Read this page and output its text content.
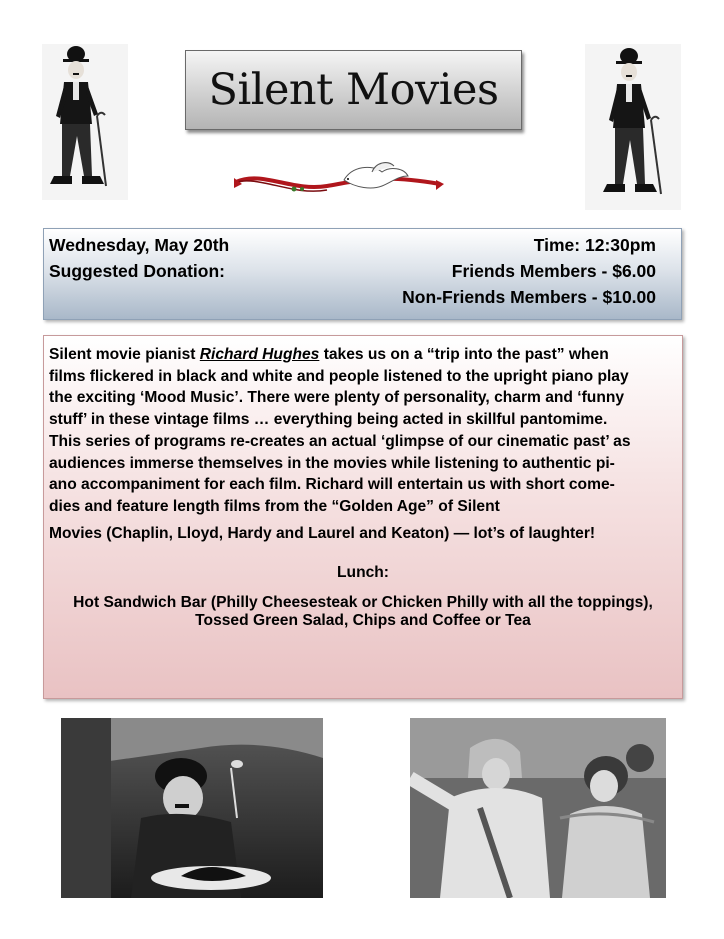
Silent Movies
Wednesday, May 20th	Time: 12:30pm
Suggested Donation:	Friends Members - $6.00
Non-Friends Members - $10.00
Silent movie pianist Richard Hughes takes us on a “trip into the past” when
films flickered in black and white and people listened to the upright piano play
the exciting ‘Mood Music’. There were plenty of personality, charm and ‘funny
stuff’ in these vintage films … everything being acted in skillful pantomime.
This series of programs re-creates an actual ‘glimpse of our cinematic past’ as
audiences immerse themselves in the movies while listening to authentic pi-
ano accompaniment for each film. Richard will entertain us with short come-
dies and feature length films from the “Golden Age” of Silent
Movies (Chaplin, Lloyd, Hardy and Laurel and Keaton) — lot’s of laughter!
Lunch:
Hot Sandwich Bar (Philly Cheesesteak or Chicken Philly with all the toppings),
Tossed Green Salad, Chips and Coffee or Tea
